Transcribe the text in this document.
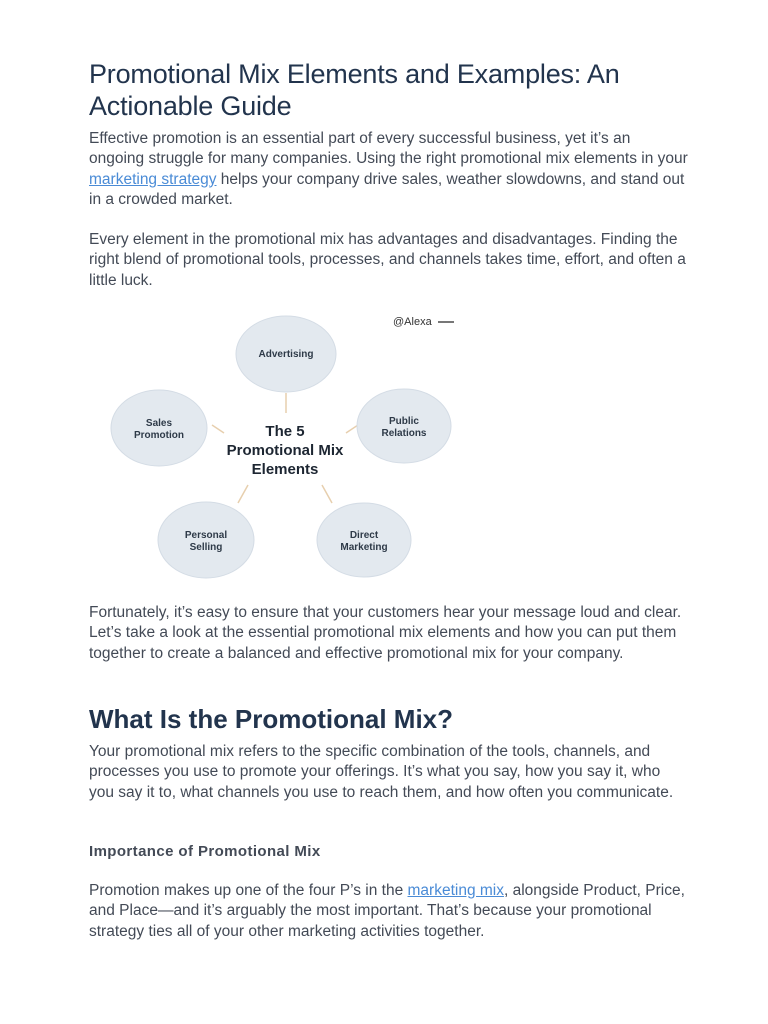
Promotional Mix Elements and Examples: An Actionable Guide

Effective promotion is an essential part of every successful business, yet it’s an ongoing struggle for many companies. Using the right promotional mix elements in your marketing strategy helps your company drive sales, weather slowdowns, and stand out in a crowded market.

Every element in the promotional mix has advantages and disadvantages. Finding the right blend of promotional tools, processes, and channels takes time, effort, and often a little luck.

@Alexa
Advertising
Public
Relations
Direct
Marketing
Personal
Selling
Sales
Promotion	The 5
Promotional Mix
Elements

Fortunately, it’s easy to ensure that your customers hear your message loud and clear. Let’s take a look at the essential promotional mix elements and how you can put them together to create a balanced and effective promotional mix for your company.

What Is the Promotional Mix?

Your promotional mix refers to the specific combination of the tools, channels, and processes you use to promote your offerings. It’s what you say, how you say it, who you say it to, what channels you use to reach them, and how often you communicate.

Importance of Promotional Mix

Promotion makes up one of the four P’s in the marketing mix, alongside Product, Price, and Place—and it’s arguably the most important. That’s because your promotional strategy ties all of your other marketing activities together.
